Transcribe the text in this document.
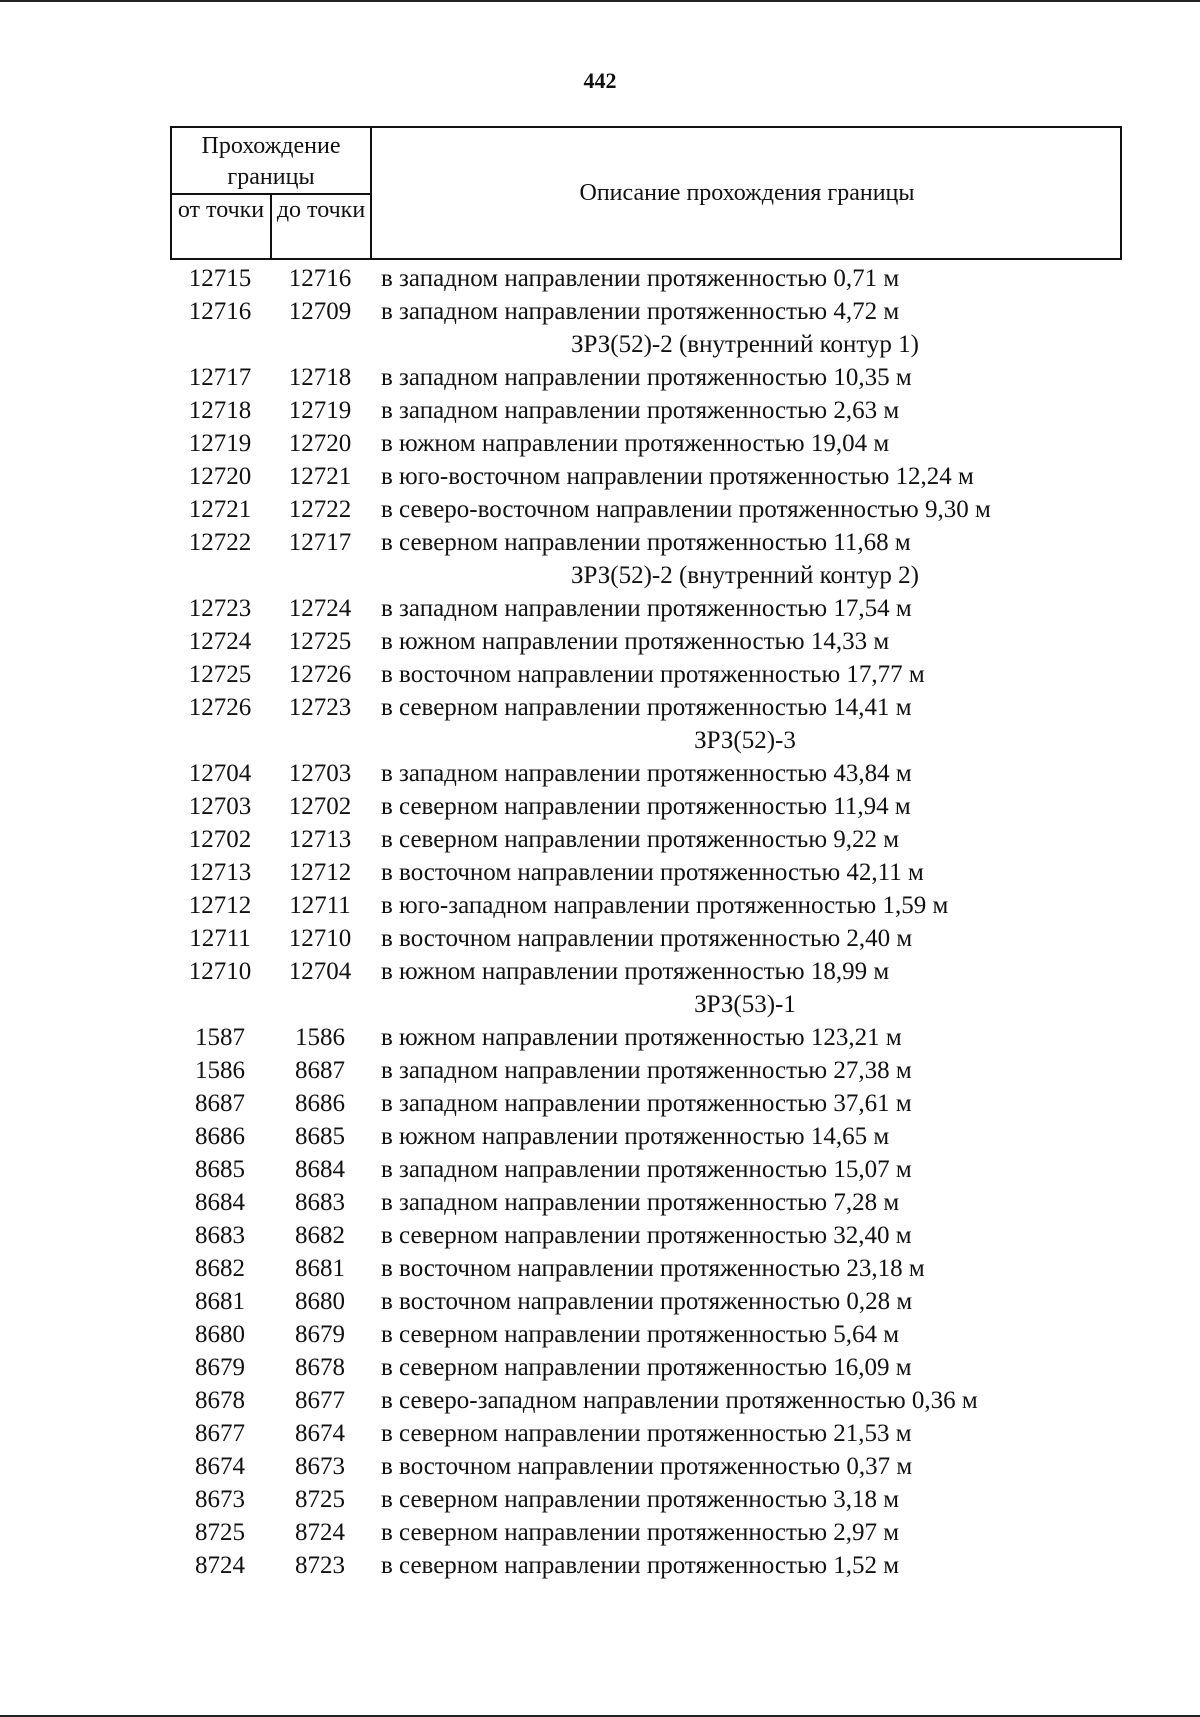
442
Прохождение границы
от точки до точки
Описание прохождения границы
12715	12716	в западном направлении протяженностью 0,71 м
12716	12709	в западном направлении протяженностью 4,72 м
ЗРЗ(52)-2 (внутренний контур 1)
12717	12718	в западном направлении протяженностью 10,35 м
12718	12719	в западном направлении протяженностью 2,63 м
12719	12720	в южном направлении протяженностью 19,04 м
12720	12721	в юго-восточном направлении протяженностью 12,24 м
12721	12722	в северо-восточном направлении протяженностью 9,30 м
12722	12717	в северном направлении протяженностью 11,68 м
ЗРЗ(52)-2 (внутренний контур 2)
12723	12724	в западном направлении протяженностью 17,54 м
12724	12725	в южном направлении протяженностью 14,33 м
12725	12726	в восточном направлении протяженностью 17,77 м
12726	12723	в северном направлении протяженностью 14,41 м
ЗРЗ(52)-3
12704	12703	в западном направлении протяженностью 43,84 м
12703	12702	в северном направлении протяженностью 11,94 м
12702	12713	в северном направлении протяженностью 9,22 м
12713	12712	в восточном направлении протяженностью 42,11 м
12712	12711	в юго-западном направлении протяженностью 1,59 м
12711	12710	в восточном направлении протяженностью 2,40 м
12710	12704	в южном направлении протяженностью 18,99 м
ЗРЗ(53)-1
1587	1586	в южном направлении протяженностью 123,21 м
1586	8687	в западном направлении протяженностью 27,38 м
8687	8686	в западном направлении протяженностью 37,61 м
8686	8685	в южном направлении протяженностью 14,65 м
8685	8684	в западном направлении протяженностью 15,07 м
8684	8683	в западном направлении протяженностью 7,28 м
8683	8682	в северном направлении протяженностью 32,40 м
8682	8681	в восточном направлении протяженностью 23,18 м
8681	8680	в восточном направлении протяженностью 0,28 м
8680	8679	в северном направлении протяженностью 5,64 м
8679	8678	в северном направлении протяженностью 16,09 м
8678	8677	в северо-западном направлении протяженностью 0,36 м
8677	8674	в северном направлении протяженностью 21,53 м
8674	8673	в восточном направлении протяженностью 0,37 м
8673	8725	в северном направлении протяженностью 3,18 м
8725	8724	в северном направлении протяженностью 2,97 м
8724	8723	в северном направлении протяженностью 1,52 м
